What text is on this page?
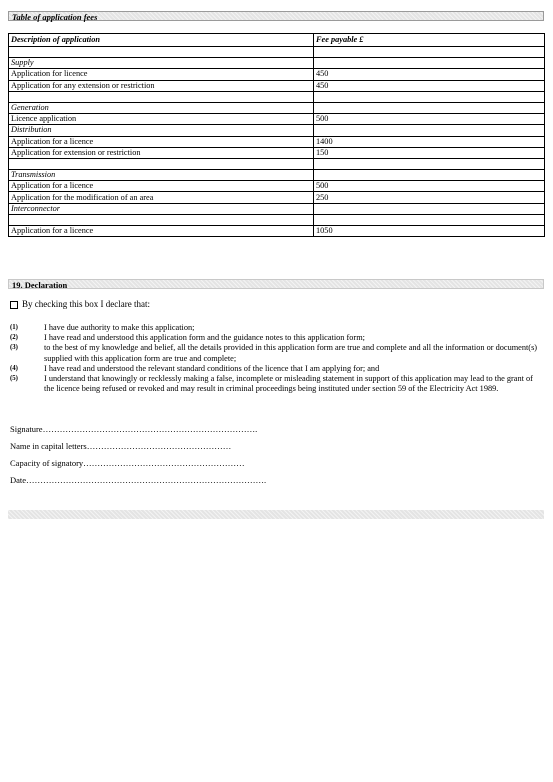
Table of application fees
Description of application	Fee payable £

Supply	
Application for licence	450
Application for any extension or restriction	450

Generation	
Licence application	500
Distribution	
Application for a licence	1400
Application for extension or restriction	150

Transmission	
Application for a licence	500
Application for the modification of an area	250
Interconnector	

Application for a licence	1050
19. Declaration
By checking this box I declare that:
(1)	I have due authority to make this application;
(2)	I have read and understood this application form and the guidance notes to this application form;
(3)	to the best of my knowledge and belief, all the details provided in this application form are true and complete and all the information or document(s) supplied with this application form are true and complete;
(4)	I have read and understood the relevant standard conditions of the licence that I am applying for; and
(5)	I understand that knowingly or recklessly making a false, incomplete or misleading statement in support of this application may lead to the grant of the licence being refused or revoked and may result in criminal proceedings being instituted under section 59 of the Electricity Act 1989.
Signature………………………………………………………………….
Name in capital letters……………………………………………
Capacity of signatory…………………………………………………
Date………………………………………………………………………….
